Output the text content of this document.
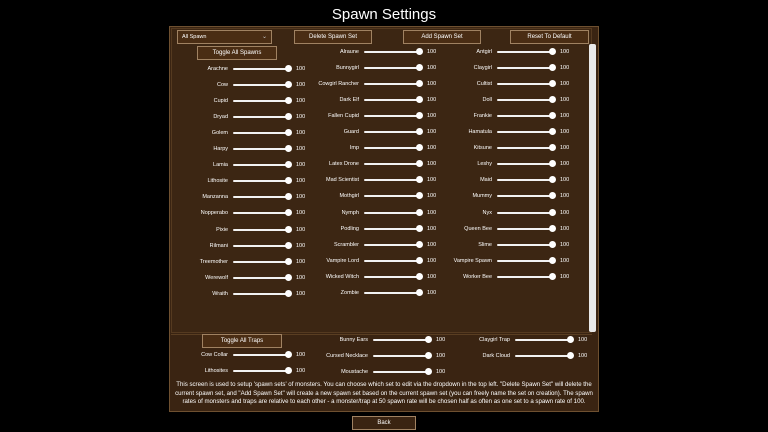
Spawn Settings
All Spawn	⌄	Delete Spawn Set	Add Spawn Set	Reset To Default
Toggle All Spawns
Toggle All Traps
Arachne	100
Cow	100
Cupid	100
Dryad	100
Golem	100
Harpy	100
Lamia	100
Lithosite	100
Manzanna	100
Nopperabo	100
Pixie	100
Rilmani	100
Treemother	100
Werewolf	100
Wraith	100
Alraune	100
Bunnygirl	100
Cowgirl Rancher	100
Dark Elf	100
Fallen Cupid	100
Guard	100
Imp	100
Latex Drone	100
Mad Scientist	100
Mothgirl	100
Nymph	100
Podling	100
Scrambler	100
Vampire Lord	100
Wicked Witch	100
Zombie	100
Antgirl	100
Claygirl	100
Cultist	100
Doll	100
Frankie	100
Hamatula	100
Kitsune	100
Leshy	100
Maid	100
Mummy	100
Nyx	100
Queen Bee	100
Slime	100
Vampire Spawn	100
Worker Bee	100
Cow Collar	100
Lithosites	100
Bunny Ears	100
Cursed Necklace	100
Moustache	100
Claygirl Trap	100
Dark Cloud	100
This screen is used to setup 'spawn sets' of monsters. You can choose which set to edit via the dropdown in the top left. "Delete Spawn Set" will delete the current spawn set, and "Add Spawn Set" will create a new spawn set based on the current spawn set (you can freely name the set on creation). The spawn rates of monsters and traps are relative to each other - a monster/trap at 50 spawn rate will be chosen half as often as one set to a spawn rate of 100.
Back
